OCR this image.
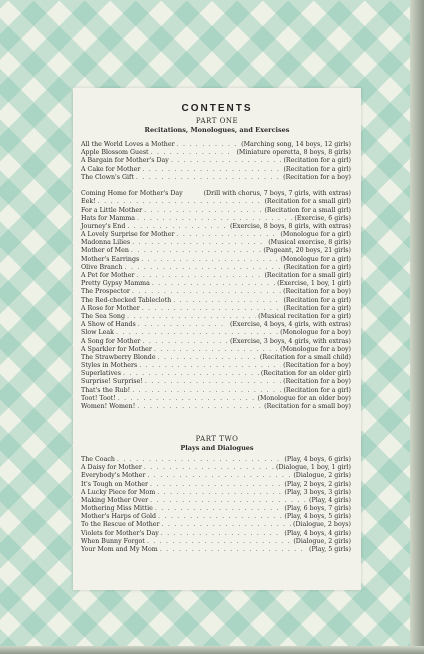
CONTENTS
PART ONE
Recitations, Monologues, and Exercises
All the World Loves a Mother . . .	(Marching song, 14 boys, 12 girls)
Apple Blossom Guest . . .	(Miniature operetta, 8 boys, 8 girls)
A Bargain for Mother's Day . . .	(Recitation for a girl)
A Cake for Mother . . .	(Recitation for a girl)
The Clown's Gift . . .	(Recitation for a boy)
Coming Home for Mother's Day	(Drill with chorus, 7 boys, 7 girls, with extras)
Eek! . . .	(Recitation for a small girl)
For a Little Mother . . .	(Recitation for a small girl)
Hats for Mamma . . .	(Exercise, 6 girls)
Journey's End . . .	(Exercise, 8 boys, 8 girls, with extras)
A Lovely Surprise for Mother . . .	(Monologue for a girl)
Madonna Lilies . . .	(Musical exercise, 8 girls)
Mother of Men . . .	(Pageant, 20 boys, 21 girls)
Mother's Earrings . . .	(Monologue for a girl)
Olive Branch . . .	(Recitation for a girl)
A Pet for Mother . . .	(Recitation for a small girl)
Pretty Gypsy Mamma . . .	(Exercise, 1 boy, 1 girl)
The Prospector . . .	(Recitation for a boy)
The Red-checked Tablecloth . . .	(Recitation for a girl)
A Rose for Mother . . .	(Recitation for a girl)
The Sea Song . . .	(Musical recitation for a girl)
A Show of Hands . . .	(Exercise, 4 boys, 4 girls, with extras)
Slow Leak . . .	(Monologue for a boy)
A Song for Mother . . .	(Exercise, 3 boys, 4 girls, with extras)
A Sparkler for Mother . . .	(Monologue for a boy)
The Strawberry Blonde . . .	(Recitation for a small child)
Styles in Mothers . . .	(Recitation for a boy)
Superlatives . . .	(Recitation for an older girl)
Surprise! Surprise! . . .	(Recitation for a boy)
That's the Rub! . . .	(Recitation for a girl)
Toot! Toot! . . .	(Monologue for an older boy)
Women! Women! . . .	(Recitation for a small boy)
PART TWO
Plays and Dialogues
The Coach . . .	(Play, 4 boys, 6 girls)
A Daisy for Mother . . .	(Dialogue, 1 boy, 1 girl)
Everybody's Mother . . .	(Dialogue, 2 girls)
It's Tough on Mother . . .	(Play, 2 boys, 2 girls)
A Lucky Piece for Mom . . .	(Play, 3 boys, 3 girls)
Making Mother Over . . .	(Play, 4 girls)
Mothering Miss Mittie . . .	(Play, 6 boys, 7 girls)
Mother's Harps of Gold . . .	(Play, 4 boys, 5 girls)
To the Rescue of Mother . . .	(Dialogue, 2 boys)
Violets for Mother's Day . . .	(Play, 4 boys, 4 girls)
When Bunny Forgot . . .	(Dialogue, 2 girls)
Your Mom and My Mom . . .	(Play, 5 girls)
